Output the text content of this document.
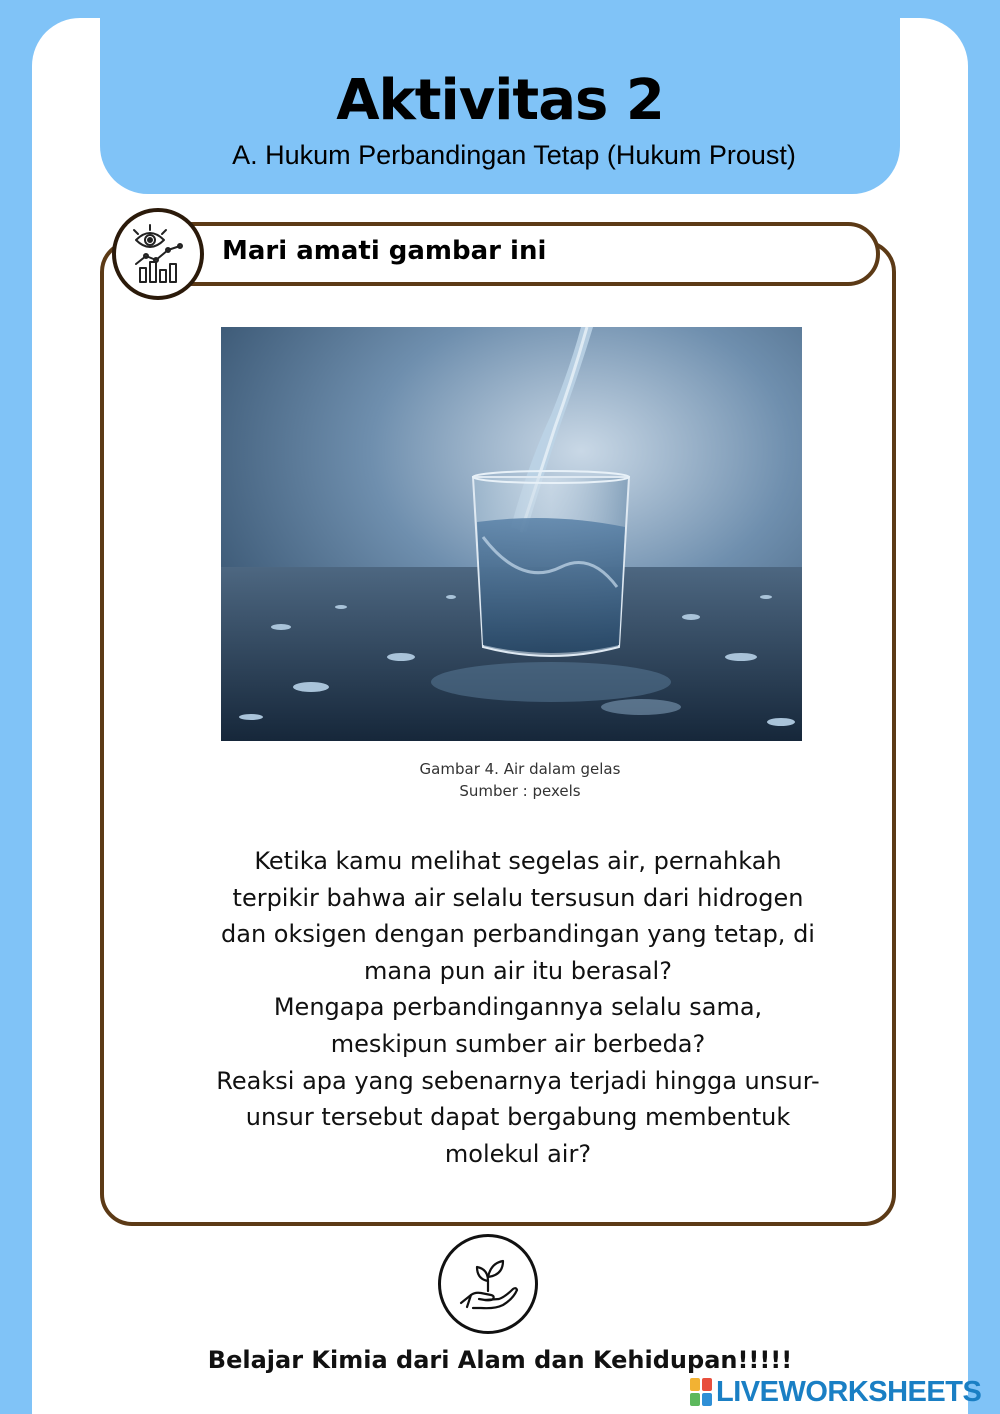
Aktivitas 2
A. Hukum Perbandingan Tetap (Hukum Proust)
Mari amati gambar ini
Gambar 4. Air dalam gelas
Sumber : pexels
Ketika kamu melihat segelas air, pernahkah
terpikir bahwa air selalu tersusun dari hidrogen
dan oksigen dengan perbandingan yang tetap, di
mana pun air itu berasal?
Mengapa perbandingannya selalu sama,
meskipun sumber air berbeda?
Reaksi apa yang sebenarnya terjadi hingga unsur-
unsur tersebut dapat bergabung membentuk
molekul air?
Belajar Kimia dari Alam dan Kehidupan!!!!!
LIVEWORKSHEETS
